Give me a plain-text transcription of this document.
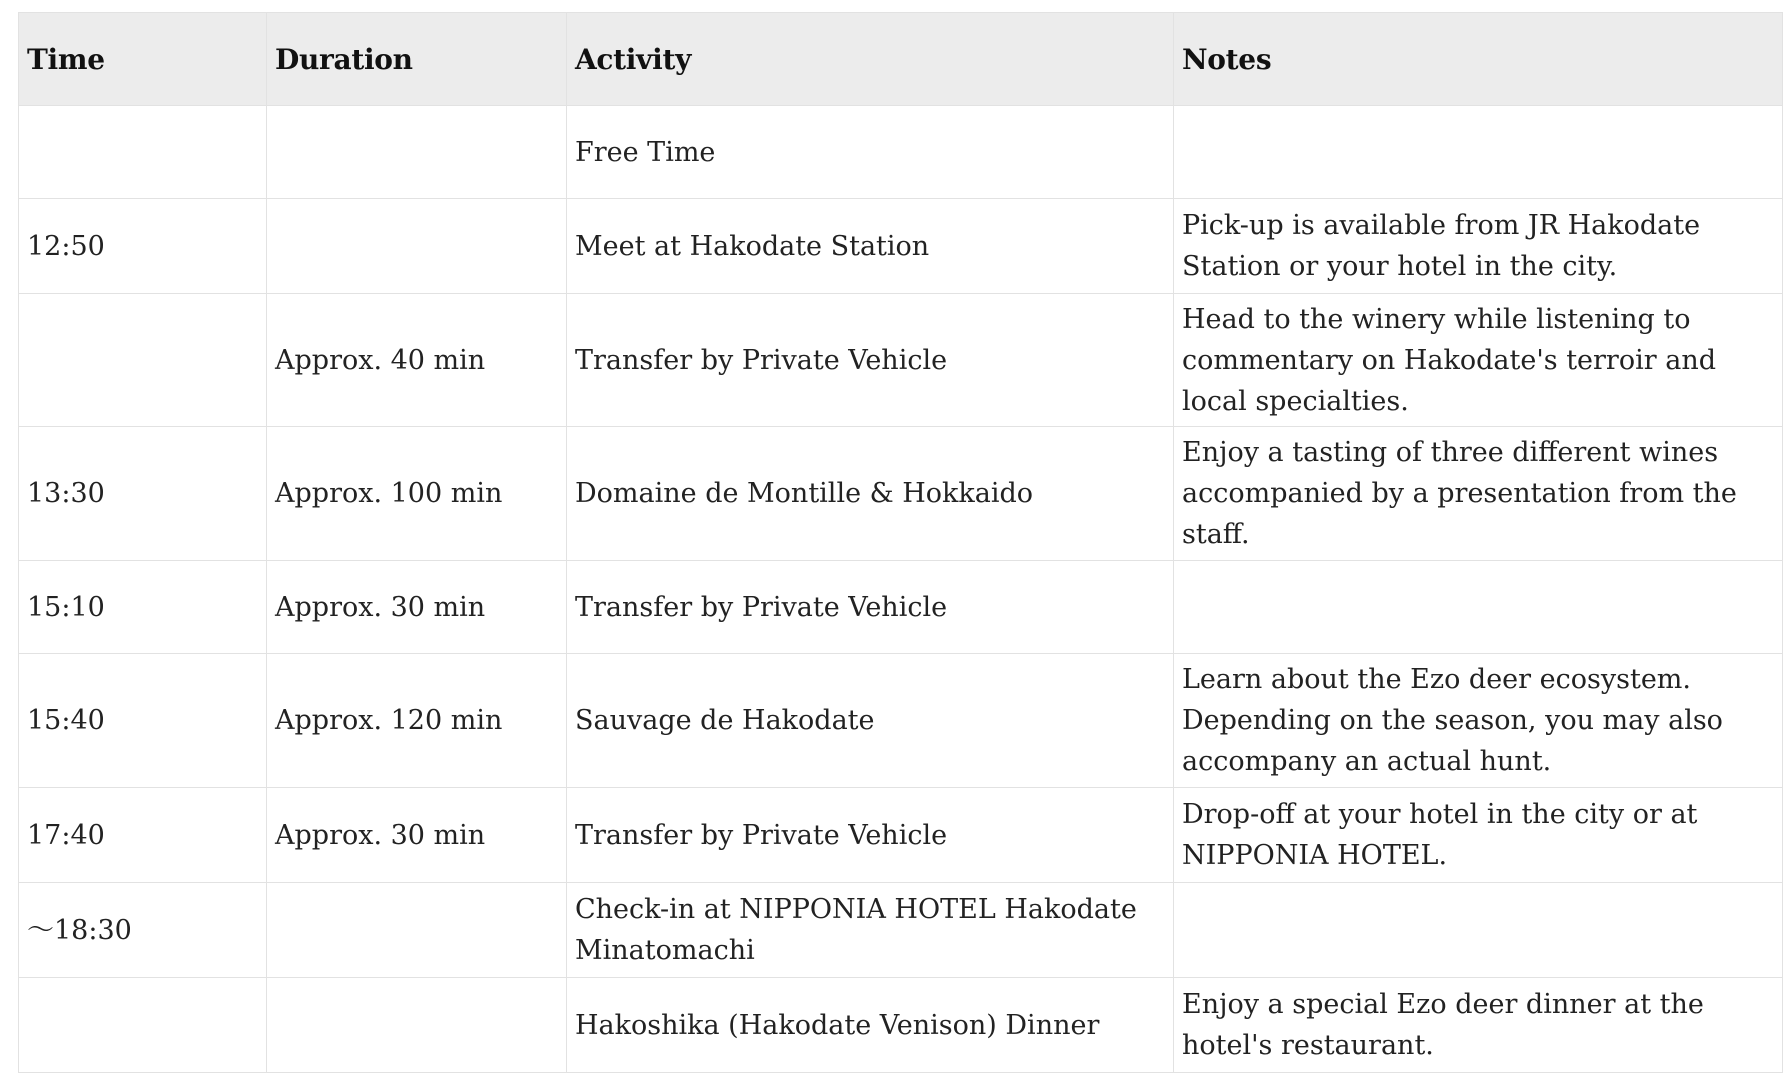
Time	Duration	Activity	Notes
		Free Time	
12:50		Meet at Hakodate Station	Pick-up is available from JR Hakodate Station or your hotel in the city.
	Approx. 40 min	Transfer by Private Vehicle	Head to the winery while listening to commentary on Hakodate's terroir and local specialties.
13:30	Approx. 100 min	Domaine de Montille & Hokkaido	Enjoy a tasting of three different wines accompanied by a presentation from the staff.
15:10	Approx. 30 min	Transfer by Private Vehicle	
15:40	Approx. 120 min	Sauvage de Hakodate	Learn about the Ezo deer ecosystem. Depending on the season, you may also accompany an actual hunt.
17:40	Approx. 30 min	Transfer by Private Vehicle	Drop-off at your hotel in the city or at NIPPONIA HOTEL.
〜18:30		Check-in at NIPPONIA HOTEL Hakodate Minatomachi	
		Hakoshika (Hakodate Venison) Dinner	Enjoy a special Ezo deer dinner at the hotel's restaurant.
